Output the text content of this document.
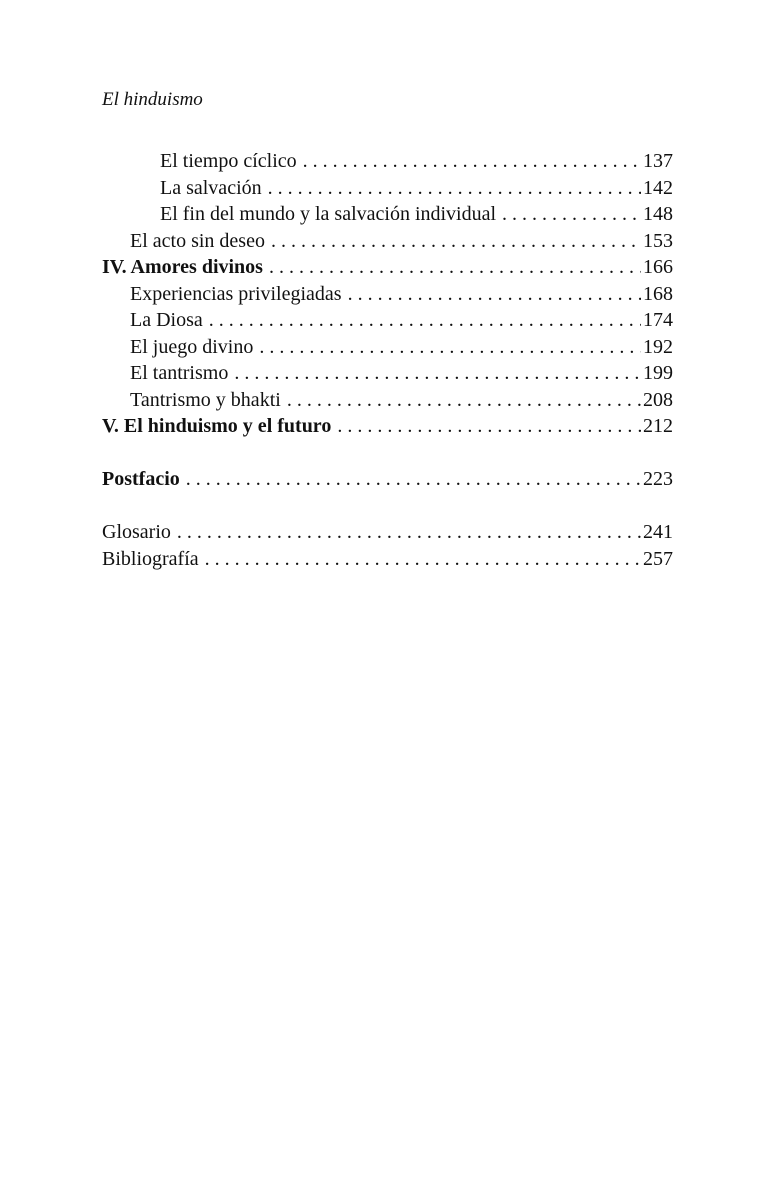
El hinduismo
El tiempo cíclico . . .	137
La salvación . . .	142
El fin del mundo y la salvación individual . . .	148
El acto sin deseo . . .	153
IV. Amores divinos . . .	166
Experiencias privilegiadas . . .	168
La Diosa . . .	174
El juego divino . . .	192
El tantrismo . . .	199
Tantrismo y bhakti . . .	208
V. El hinduismo y el futuro . . .	212
Postfacio . . .	223
Glosario . . .	241
Bibliografía . . .	257
